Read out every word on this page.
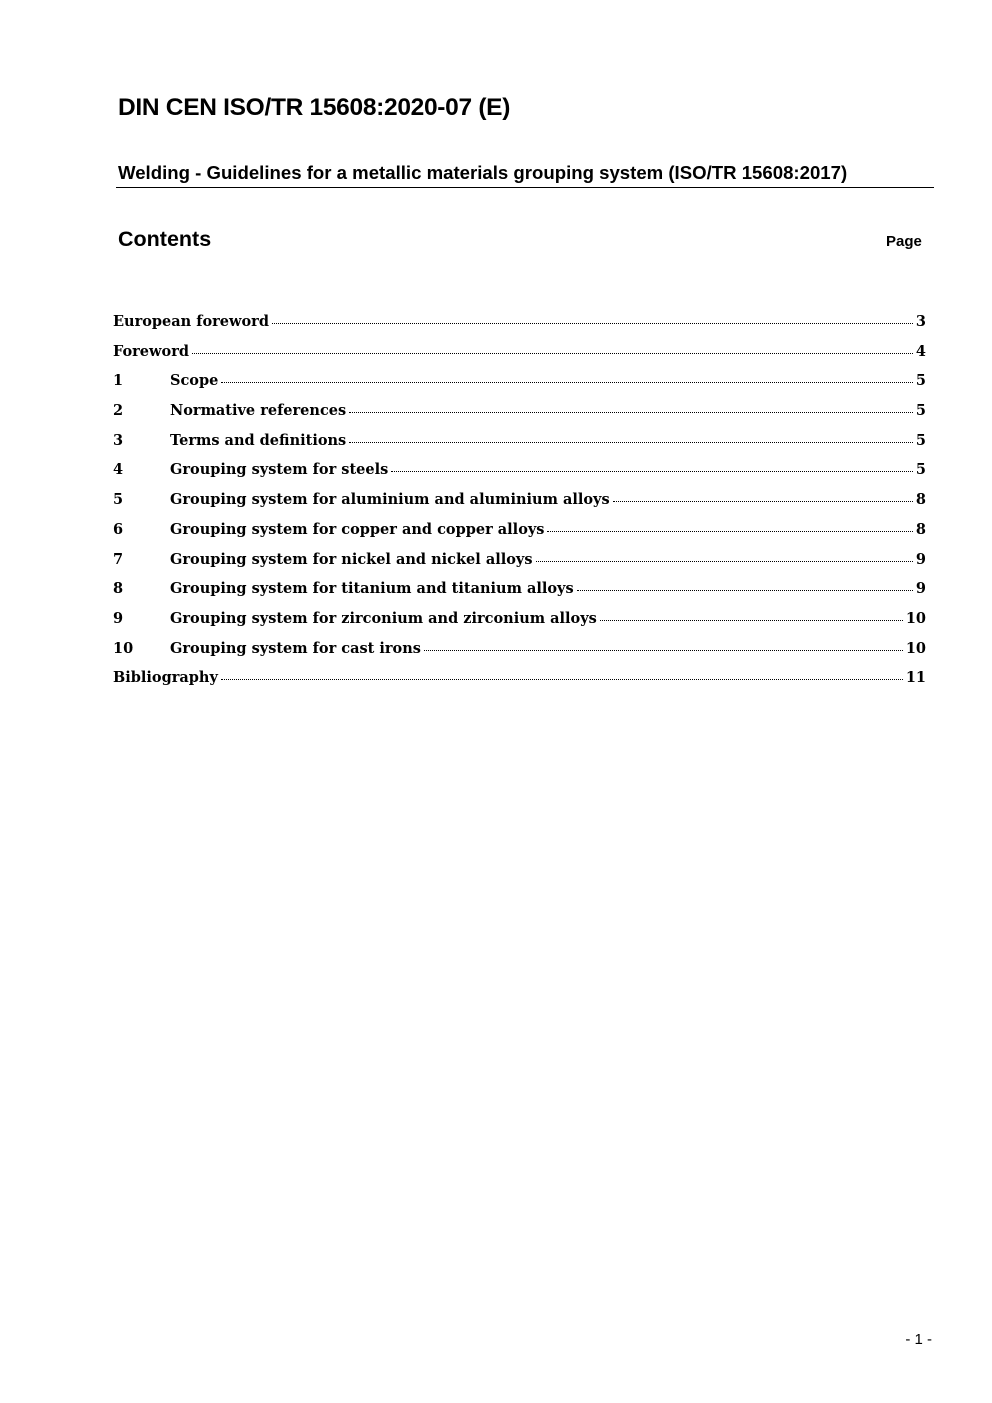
DIN CEN ISO/TR 15608:2020-07 (E)
Welding - Guidelines for a metallic materials grouping system (ISO/TR 15608:2017)
Contents	Page
European foreword	3
Foreword	4
1	Scope	5
2	Normative references	5
3	Terms and definitions	5
4	Grouping system for steels	5
5	Grouping system for aluminium and aluminium alloys	8
6	Grouping system for copper and copper alloys	8
7	Grouping system for nickel and nickel alloys	9
8	Grouping system for titanium and titanium alloys	9
9	Grouping system for zirconium and zirconium alloys	10
10	Grouping system for cast irons	10
Bibliography	11
- 1 -
